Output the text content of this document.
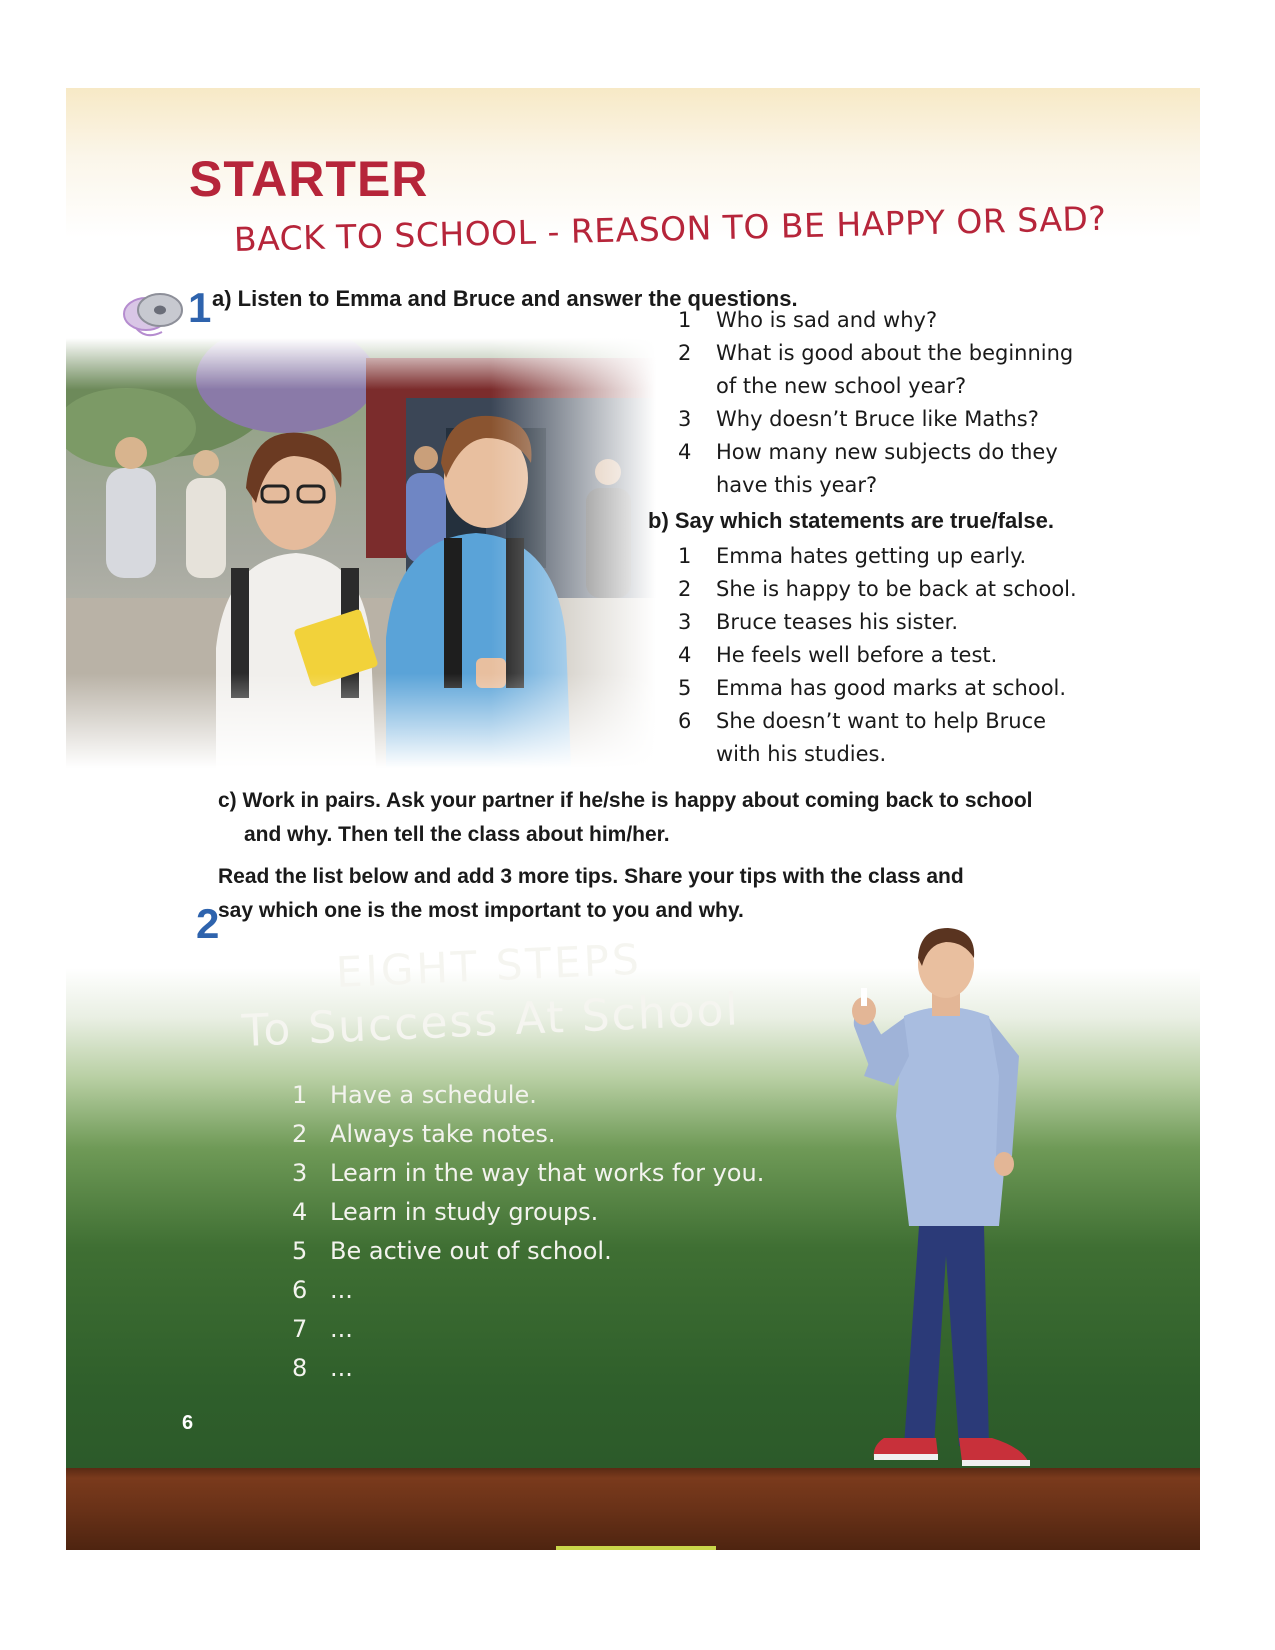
STARTER
BACK TO SCHOOL - REASON TO BE HAPPY OR SAD?
1 a) Listen to Emma and Bruce and answer the questions.
1	Who is sad and why?
2	What is good about the beginning
of the new school year?
3	Why doesn’t Bruce like Maths?
4	How many new subjects do they
have this year?
b) Say which statements are true/false.
1	Emma hates getting up early.
2	She is happy to be back at school.
3	Bruce teases his sister.
4	He feels well before a test.
5	Emma has good marks at school.
6	She doesn’t want to help Bruce
with his studies.
c) Work in pairs. Ask your partner if he/she is happy about coming back to school
and why. Then tell the class about him/her.
2
Read the list below and add 3 more tips. Share your tips with the class and
say which one is the most important to you and why.
EIGHT STEPS
To Success At School
1 Have a schedule.
2 Always take notes.
3 Learn in the way that works for you.
4 Learn in study groups.
5 Be active out of school.
6 ...
7 ...
8 ...
6
